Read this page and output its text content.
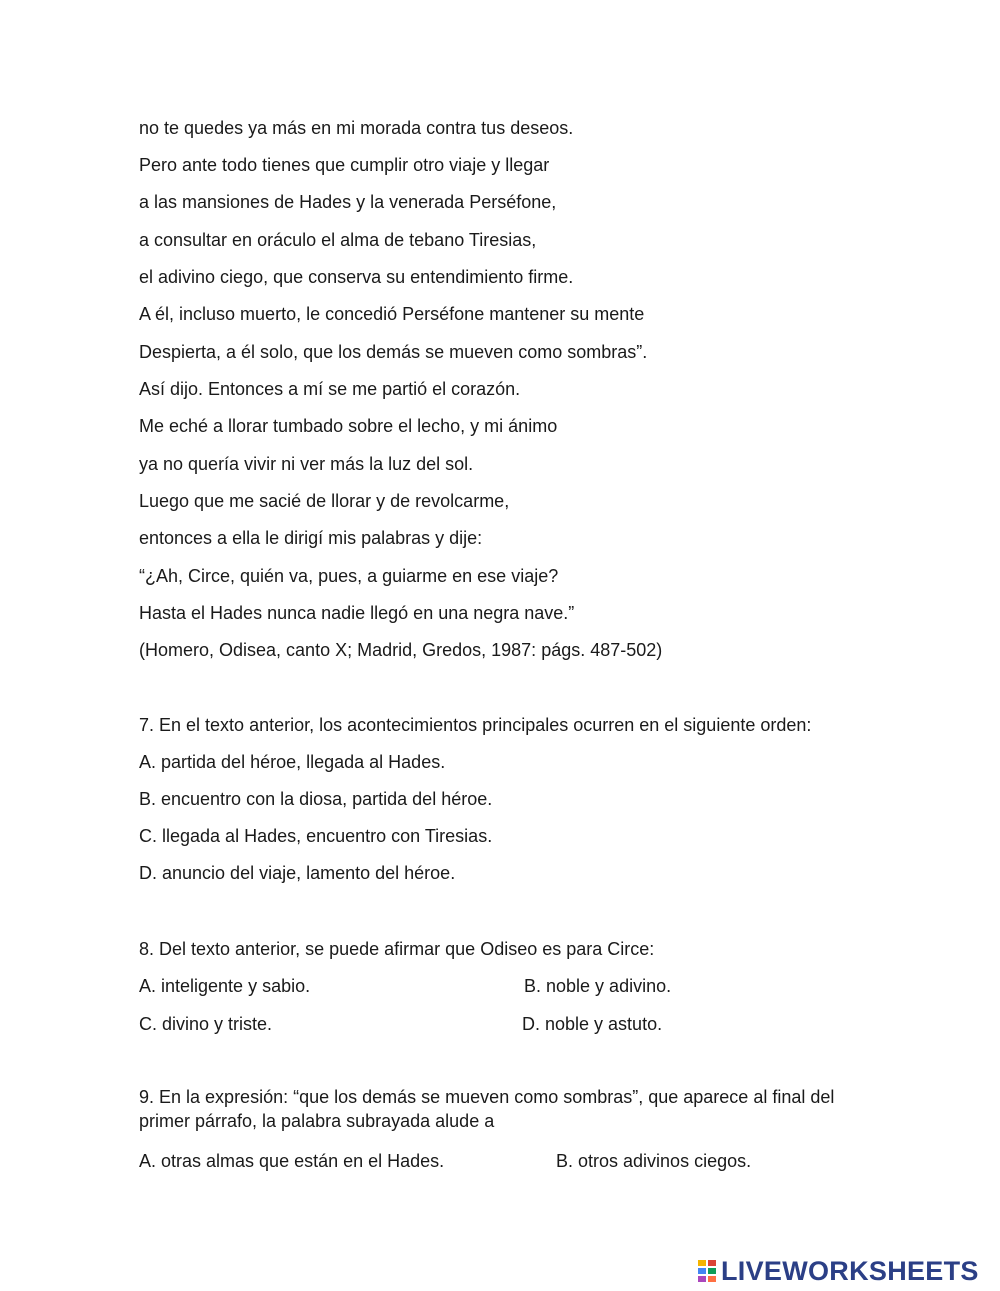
no te quedes ya más en mi morada contra tus deseos.

Pero ante todo tienes que cumplir otro viaje y llegar

a las mansiones de Hades y la venerada Perséfone,

a consultar en oráculo el alma de tebano Tiresias,

el adivino ciego, que conserva su entendimiento firme.

A él, incluso muerto, le concedió Perséfone mantener su mente

Despierta, a él solo, que los demás se mueven como sombras”.

Así dijo. Entonces a mí se me partió el corazón.

Me eché a llorar tumbado sobre el lecho, y mi ánimo

ya no quería vivir ni ver más la luz del sol.

Luego que me sacié de llorar y de revolcarme,

entonces a ella le dirigí mis palabras y dije:

“¿Ah, Circe, quién va, pues, a guiarme en ese viaje?

Hasta el Hades nunca nadie llegó en una negra nave.”

(Homero, Odisea, canto X; Madrid, Gredos, 1987: págs. 487-502)

7. En el texto anterior, los acontecimientos principales ocurren en el siguiente orden:

A. partida del héroe, llegada al Hades.

B. encuentro con la diosa, partida del héroe.

C. llegada al Hades, encuentro con Tiresias.

D. anuncio del viaje, lamento del héroe.

8. Del texto anterior, se puede afirmar que Odiseo es para Circe:

A. inteligente y sabio.	B. noble y adivino.

C. divino y triste.	D. noble y astuto.
9. En la expresión: “que los demás se mueven como sombras”, que aparece al final del primer párrafo, la palabra subrayada alude a

A. otras almas que están en el Hades.	B. otros adivinos ciegos.
LIVEWORKSHEETS
